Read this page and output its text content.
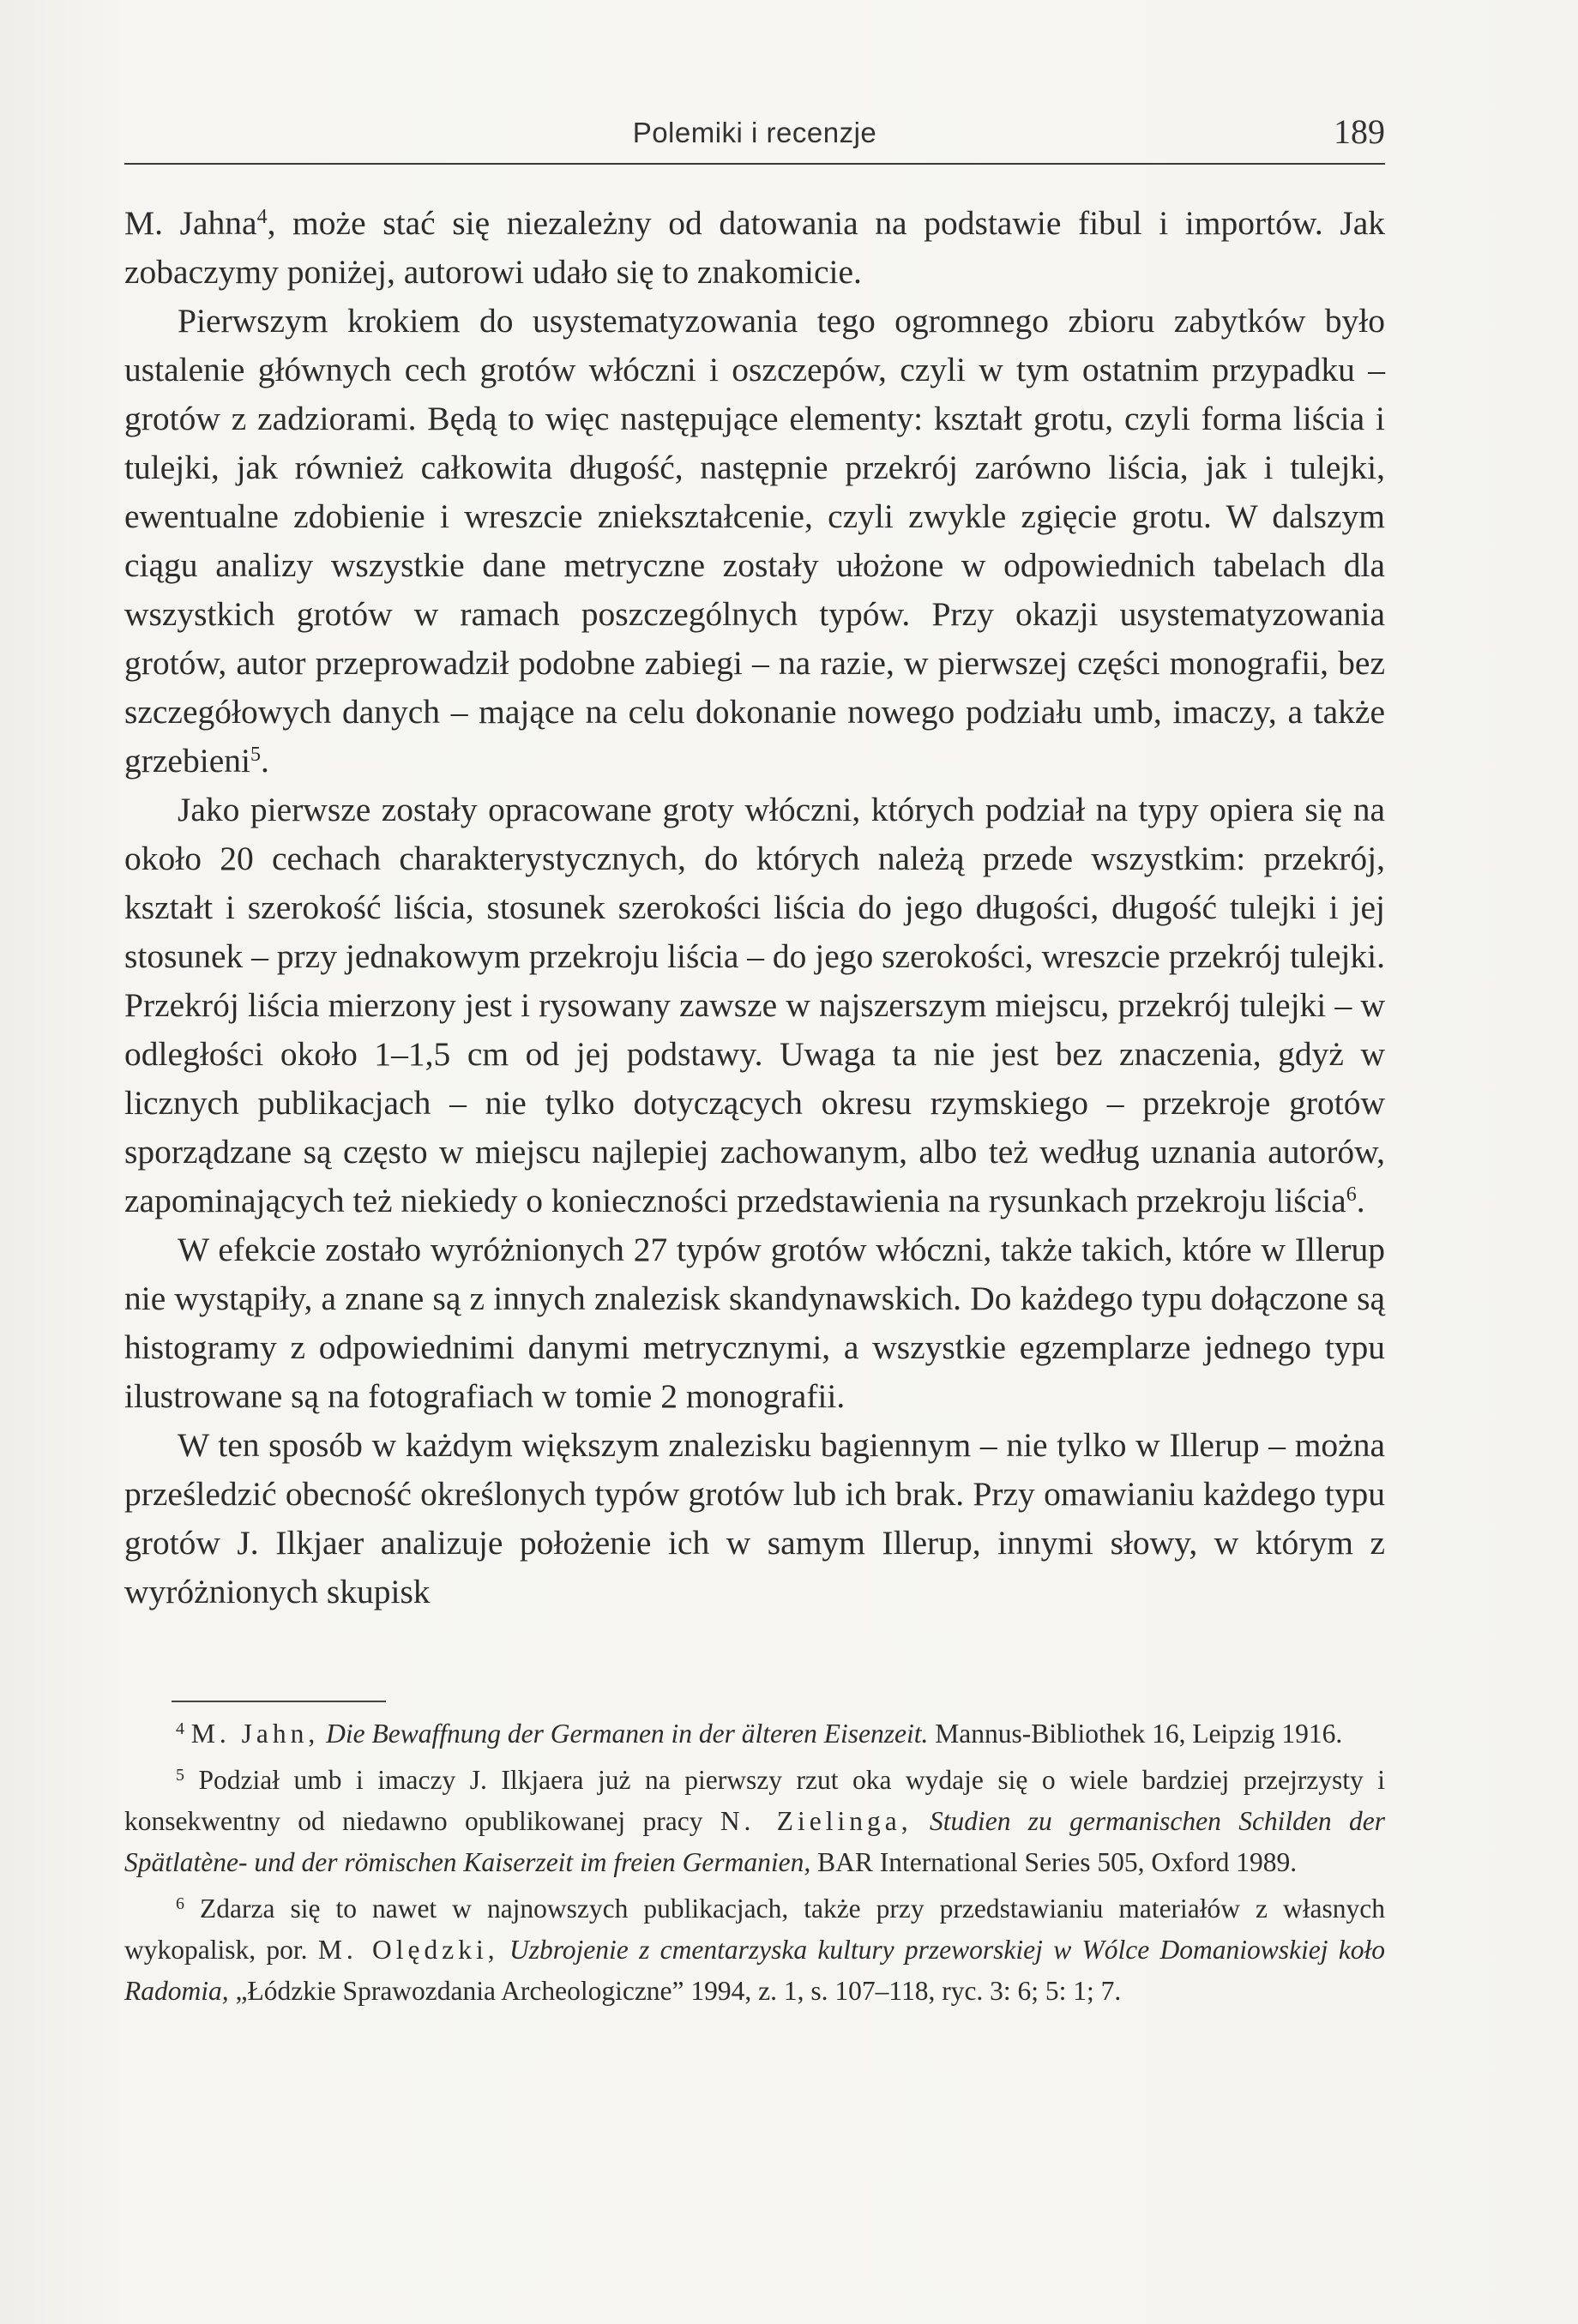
Polemiki i recenzje	189

M. Jahna$^4$, może stać się niezależny od datowania na podstawie fibul i importów. Jak zobaczymy poniżej, autorowi udało się to znakomicie.

Pierwszym krokiem do usystematyzowania tego ogromnego zbioru zabytków było ustalenie głównych cech grotów włóczni i oszczepów, czyli w tym ostatnim przypadku – grotów z zadziorami. Będą to więc następujące elementy: kształt grotu, czyli forma liścia i tulejki, jak również całkowita długość, następnie przekrój zarówno liścia, jak i tulejki, ewentualne zdobienie i wreszcie zniekształcenie, czyli zwykle zgięcie grotu. W dalszym ciągu analizy wszystkie dane metryczne zostały ułożone w odpowiednich tabelach dla wszystkich grotów w ramach poszczególnych typów. Przy okazji usystematyzowania grotów, autor przeprowadził podobne zabiegi – na razie, w pierwszej części monografii, bez szczegółowych danych – mające na celu dokonanie nowego podziału umb, imaczy, a także grzebieni$^5$.

Jako pierwsze zostały opracowane groty włóczni, których podział na typy opiera się na około 20 cechach charakterystycznych, do których należą przede wszystkim: przekrój, kształt i szerokość liścia, stosunek szerokości liścia do jego długości, długość tulejki i jej stosunek – przy jednakowym przekroju liścia – do jego szerokości, wreszcie przekrój tulejki. Przekrój liścia mierzony jest i rysowany zawsze w najszerszym miejscu, przekrój tulejki – w odległości około 1–1,5 cm od jej podstawy. Uwaga ta nie jest bez znaczenia, gdyż w licznych publikacjach – nie tylko dotyczących okresu rzymskiego – przekroje grotów sporządzane są często w miejscu najlepiej zachowanym, albo też według uznania autorów, zapominających też niekiedy o konieczności przedstawienia na rysunkach przekroju liścia$^6$.

W efekcie zostało wyróżnionych 27 typów grotów włóczni, także takich, które w Illerup nie wystąpiły, a znane są z innych znalezisk skandynawskich. Do każdego typu dołączone są histogramy z odpowiednimi danymi metrycznymi, a wszystkie egzemplarze jednego typu ilustrowane są na fotografiach w tomie 2 monografii.

W ten sposób w każdym większym znalezisku bagiennym – nie tylko w Illerup – można prześledzić obecność określonych typów grotów lub ich brak. Przy omawianiu każdego typu grotów J. Ilkjaer analizuje położenie ich w samym Illerup, innymi słowy, w którym z wyróżnionych skupisk

$^4$ M. Jahn, Die Bewaffnung der Germanen in der älteren Eisenzeit. Mannus-Bibliothek 16, Leipzig 1916.

$^5$ Podział umb i imaczy J. Ilkjaera już na pierwszy rzut oka wydaje się o wiele bardziej przejrzysty i konsekwentny od niedawno opublikowanej pracy N. Zielinga, Studien zu germanischen Schilden der Spätlatène- und der römischen Kaiserzeit im freien Germanien, BAR International Series 505, Oxford 1989.

$^6$ Zdarza się to nawet w najnowszych publikacjach, także przy przedstawianiu materiałów z własnych wykopalisk, por. M. Olędzki, Uzbrojenie z cmentarzyska kultury przeworskiej w Wólce Domaniowskiej koło Radomia, „Łódzkie Sprawozdania Archeologiczne” 1994, z. 1, s. 107–118, ryc. 3: 6; 5: 1; 7.
